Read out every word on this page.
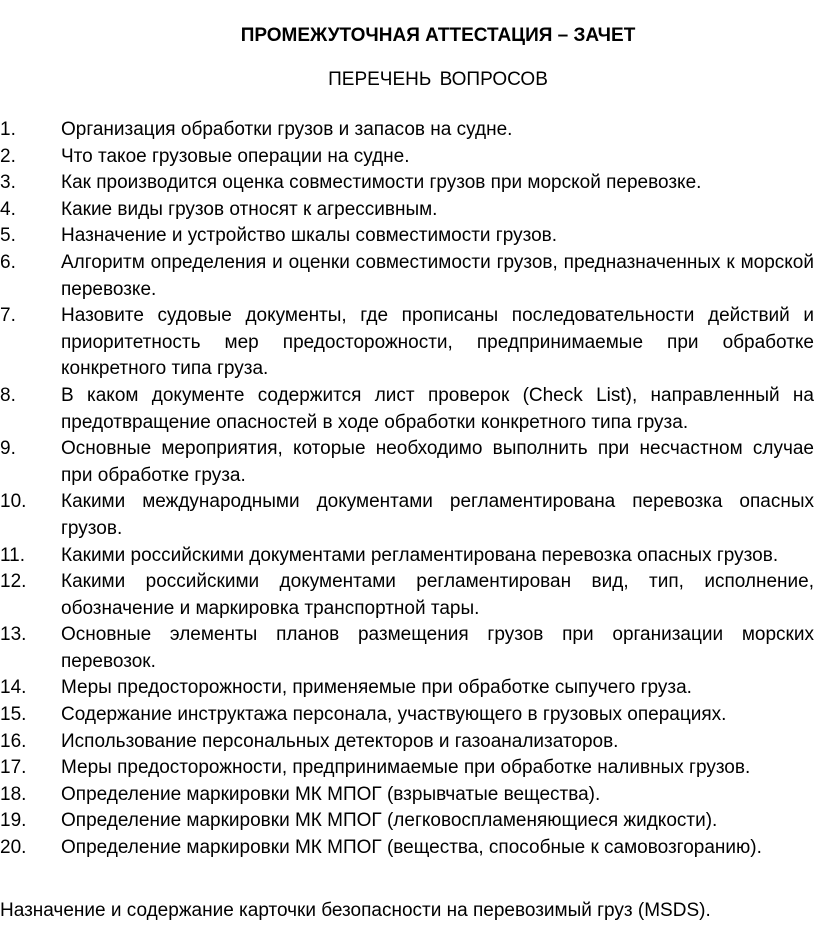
ПРОМЕЖУТОЧНАЯ АТТЕСТАЦИЯ – ЗАЧЕТ
ПЕРЕЧЕНЬ ВОПРОСОВ
1.	Организация обработки грузов и запасов на судне.
2.	Что такое грузовые операции на судне.
3.	Как производится оценка совместимости грузов при морской перевозке.
4.	Какие виды грузов относят к агрессивным.
5.	Назначение и устройство шкалы совместимости грузов.
6.	Алгоритм определения и оценки совместимости грузов, предназначенных к морской перевозке.
7.	Назовите судовые документы, где прописаны последовательности действий и приоритетность мер предосторожности, предпринимаемые при обработке конкретного типа груза.
8.	В каком документе содержится лист проверок (Check List), направленный на предотвращение опасностей в ходе обработки конкретного типа груза.
9.	Основные мероприятия, которые необходимо выполнить при несчастном случае при обработке груза.
10.	Какими международными документами регламентирована перевозка опасных грузов.
11.	Какими российскими документами регламентирована перевозка опасных грузов.
12.	Какими российскими документами регламентирован вид, тип, исполнение, обозначение и маркировка транспортной тары.
13.	Основные элементы планов размещения грузов при организации морских перевозок.
14.	Меры предосторожности, применяемые при обработке сыпучего груза.
15.	Содержание инструктажа персонала, участвующего в грузовых операциях.
16.	Использование персональных детекторов и газоанализаторов.
17.	Меры предосторожности, предпринимаемые при обработке наливных грузов.
18.	Определение маркировки МК МПОГ (взрывчатые вещества).
19.	Определение маркировки МК МПОГ (легковоспламеняющиеся жидкости).
20.	Определение маркировки МК МПОГ (вещества, способные к самовозгоранию).
Назначение и содержание карточки безопасности на перевозимый груз (MSDS).
